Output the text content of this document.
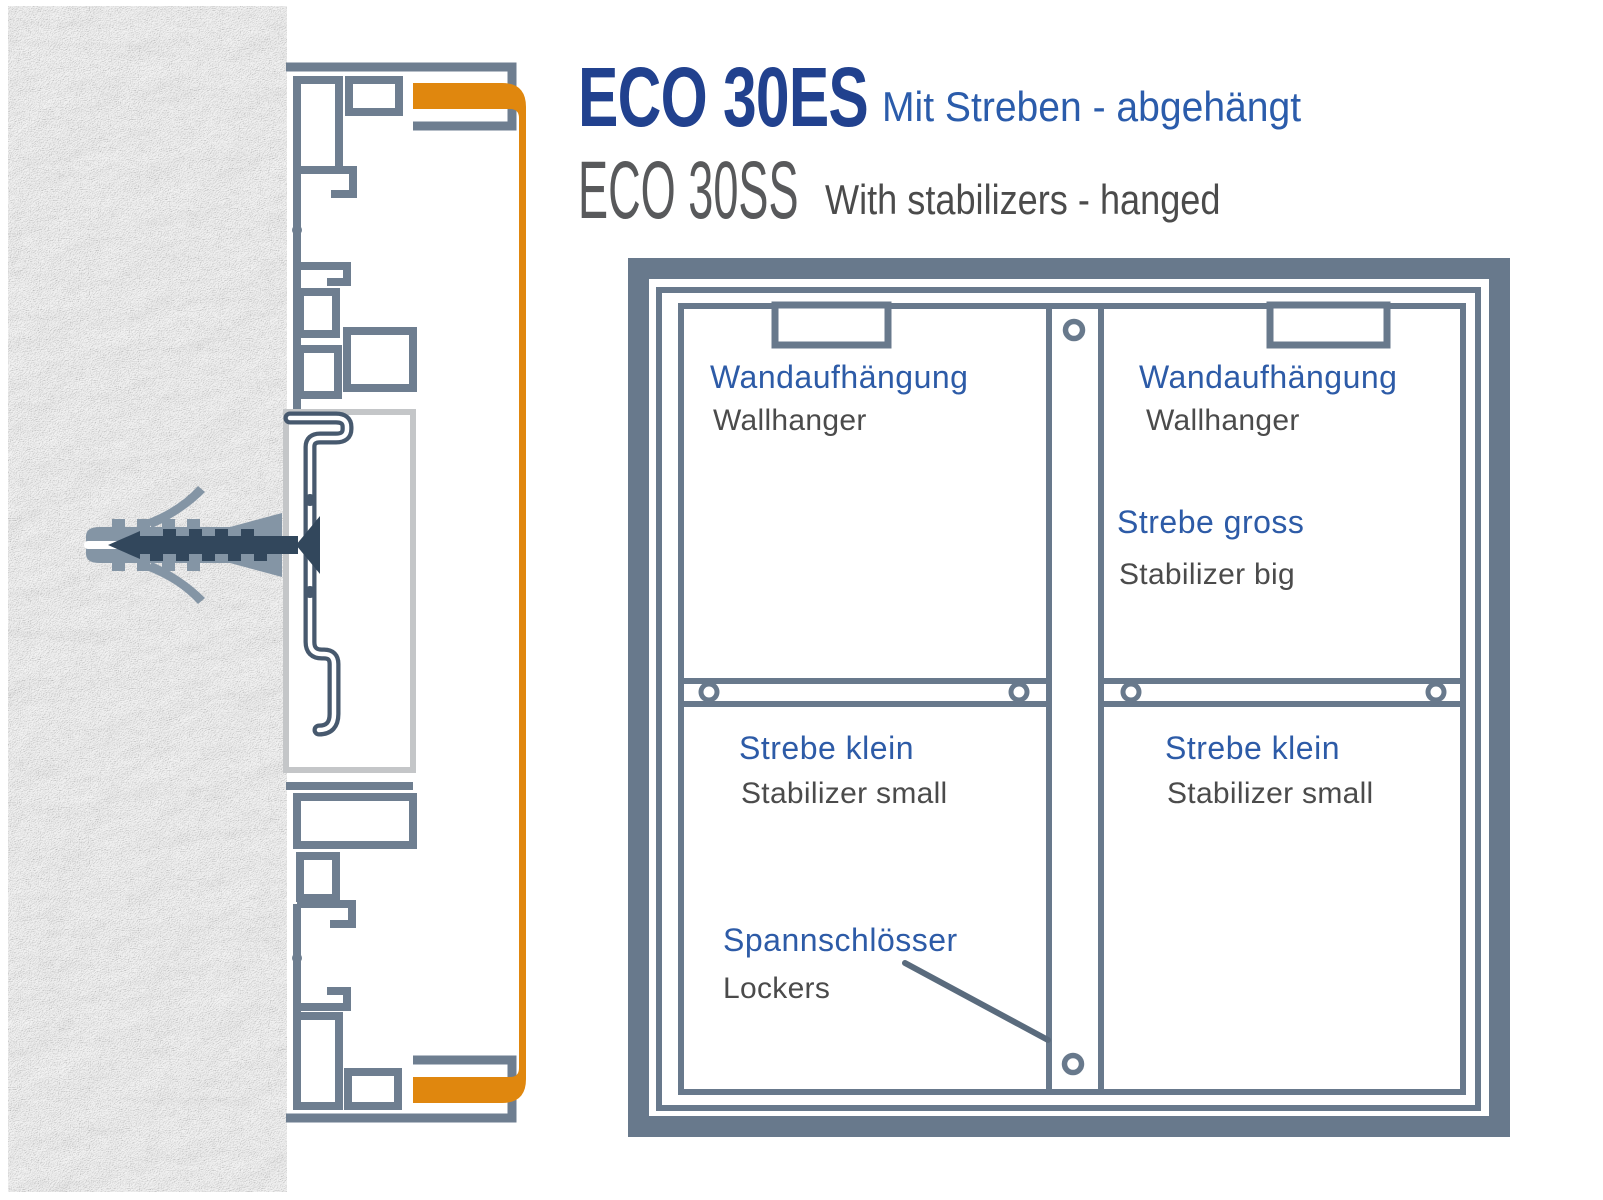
Wandaufhängung
Wallhanger
Wandaufhängung
Wallhanger
Strebe gross
Stabilizer big
Strebe klein
Stabilizer small
Strebe klein
Stabilizer small
Spannschlösser
Lockers
ECO 30ES Mit Streben - abgehängt
ECO 30SS With stabilizers - hanged
